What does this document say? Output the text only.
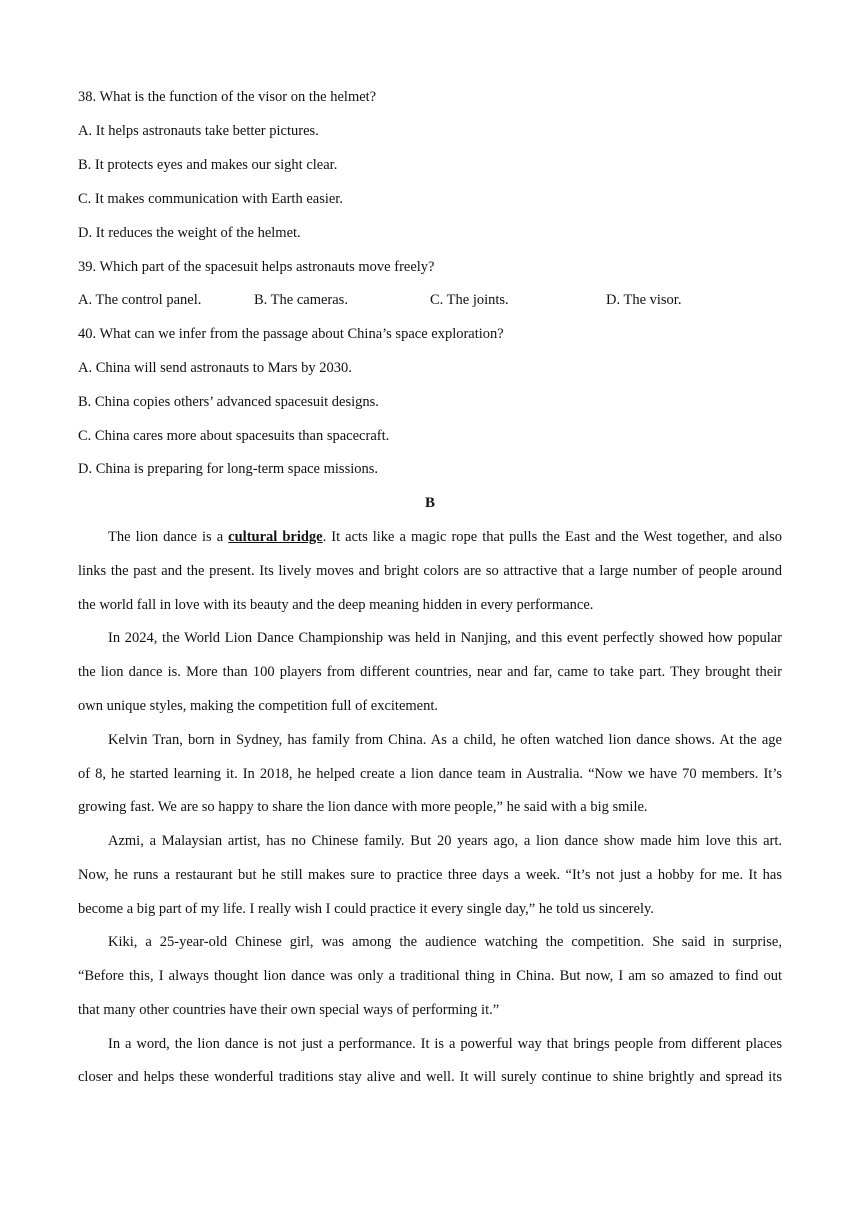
38. What is the function of the visor on the helmet?
A. It helps astronauts take better pictures.
B. It protects eyes and makes our sight clear.
C. It makes communication with Earth easier.
D. It reduces the weight of the helmet.
39. Which part of the spacesuit helps astronauts move freely?
A. The control panel.	B. The cameras.	C. The joints.	D. The visor.
40. What can we infer from the passage about China’s space exploration?
A. China will send astronauts to Mars by 2030.
B. China copies others’ advanced spacesuit designs.
C. China cares more about spacesuits than spacecraft.
D. China is preparing for long-term space missions.
B
The lion dance is a cultural bridge. It acts like a magic rope that pulls the East and the West together, and also
links the past and the present. Its lively moves and bright colors are so attractive that a large number of people around
the world fall in love with its beauty and the deep meaning hidden in every performance.
In 2024, the World Lion Dance Championship was held in Nanjing, and this event perfectly showed how popular
the lion dance is. More than 100 players from different countries, near and far, came to take part. They brought their
own unique styles, making the competition full of excitement.
Kelvin Tran, born in Sydney, has family from China. As a child, he often watched lion dance shows. At the age
of 8, he started learning it. In 2018, he helped create a lion dance team in Australia. “Now we have 70 members. It’s
growing fast. We are so happy to share the lion dance with more people,” he said with a big smile.
Azmi, a Malaysian artist, has no Chinese family. But 20 years ago, a lion dance show made him love this art.
Now, he runs a restaurant but he still makes sure to practice three days a week. “It’s not just a hobby for me. It has
become a big part of my life. I really wish I could practice it every single day,” he told us sincerely.
Kiki, a 25-year-old Chinese girl, was among the audience watching the competition. She said in surprise,
“Before this, I always thought lion dance was only a traditional thing in China. But now, I am so amazed to find out
that many other countries have their own special ways of performing it.”
In a word, the lion dance is not just a performance. It is a powerful way that brings people from different places
closer and helps these wonderful traditions stay alive and well. It will surely continue to shine brightly and spread its
